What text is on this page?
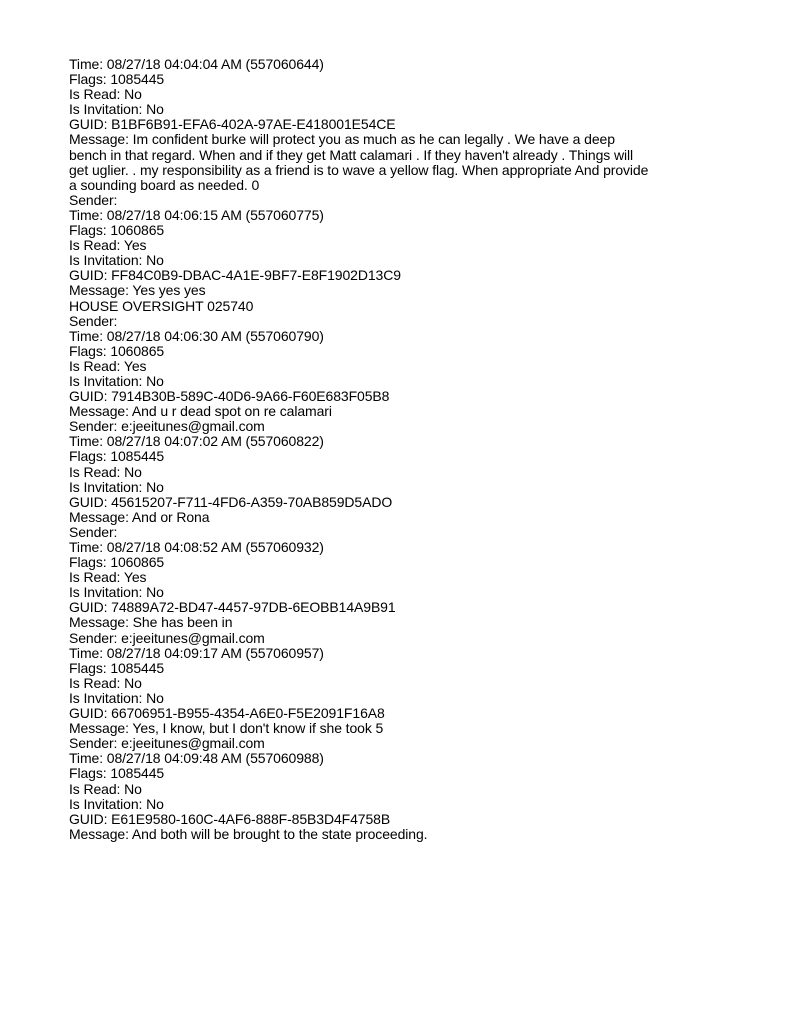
Time: 08/27/18 04:04:04 AM (557060644)
Flags: 1085445
Is Read: No
Is Invitation: No
GUID: B1BF6B91-EFA6-402A-97AE-E418001E54CE
Message: Im confident burke will protect you as much as he can legally . We have a deep bench in that regard. When and if they get Matt calamari . If they haven't already . Things will get uglier. . my responsibility as a friend is to wave a yellow flag. When appropriate And provide a sounding board as needed. 0
Sender:
Time: 08/27/18 04:06:15 AM (557060775)
Flags: 1060865
Is Read: Yes
Is Invitation: No
GUID: FF84C0B9-DBAC-4A1E-9BF7-E8F1902D13C9
Message: Yes yes yes
HOUSE OVERSIGHT 025740
Sender:
Time: 08/27/18 04:06:30 AM (557060790)
Flags: 1060865
Is Read: Yes
Is Invitation: No
GUID: 7914B30B-589C-40D6-9A66-F60E683F05B8
Message: And u r dead spot on re calamari
Sender: e:jeeitunes@gmail.com
Time: 08/27/18 04:07:02 AM (557060822)
Flags: 1085445
Is Read: No
Is Invitation: No
GUID: 45615207-F711-4FD6-A359-70AB859D5ADO
Message: And or Rona
Sender:
Time: 08/27/18 04:08:52 AM (557060932)
Flags: 1060865
Is Read: Yes
Is Invitation: No
GUID: 74889A72-BD47-4457-97DB-6EOBB14A9B91
Message: She has been in
Sender: e:jeeitunes@gmail.com
Time: 08/27/18 04:09:17 AM (557060957)
Flags: 1085445
Is Read: No
Is Invitation: No
GUID: 66706951-B955-4354-A6E0-F5E2091F16A8
Message: Yes, I know, but I don't know if she took 5
Sender: e:jeeitunes@gmail.com
Time: 08/27/18 04:09:48 AM (557060988)
Flags: 1085445
Is Read: No
Is Invitation: No
GUID: E61E9580-160C-4AF6-888F-85B3D4F4758B
Message: And both will be brought to the state proceeding.
